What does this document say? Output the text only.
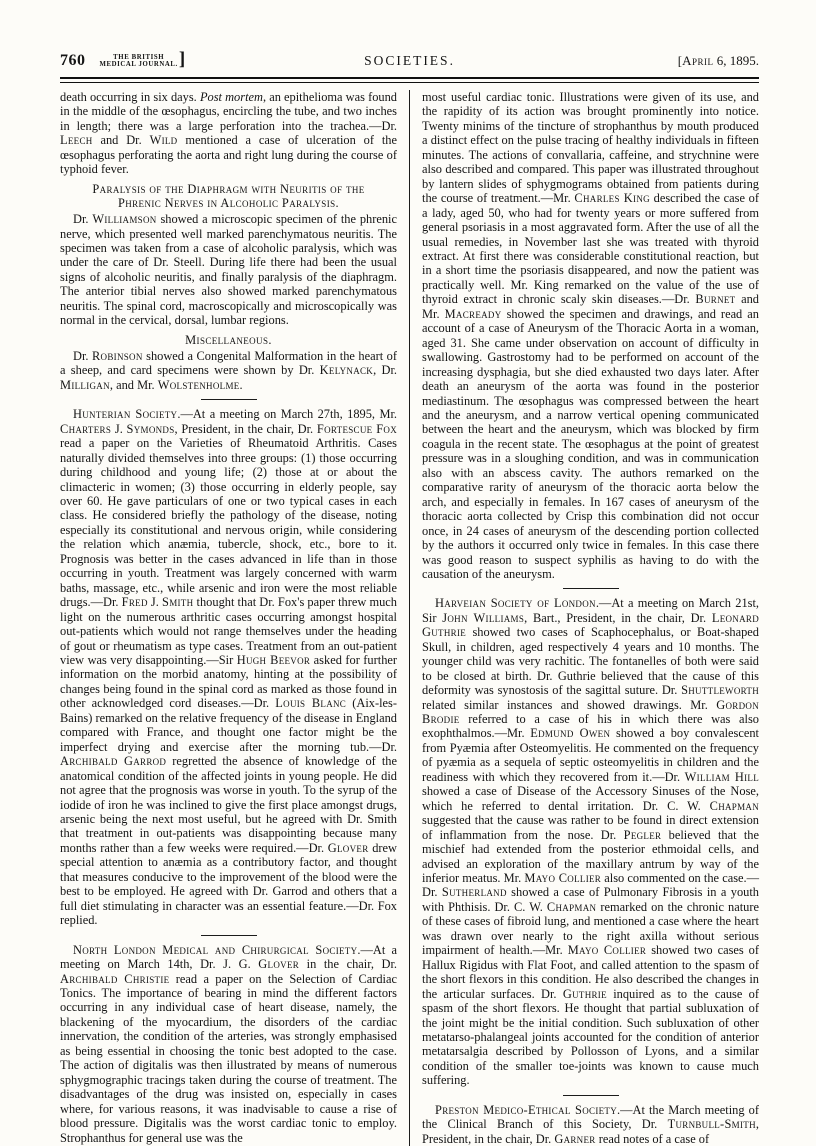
760	THE BRITISH
MEDICAL JOURNAL. ]	SOCIETIES.	[April 6, 1895.

death occurring in six days. Post mortem, an epithelioma was found in the middle of the œsophagus, encircling the tube, and two inches in length; there was a large perforation into the trachea.—Dr. Leech and Dr. Wild mentioned a case of ulceration of the œsophagus perforating the aorta and right lung during the course of typhoid fever.

Paralysis of the Diaphragm with Neuritis of the Phrenic Nerves in Alcoholic Paralysis.

Dr. Williamson showed a microscopic specimen of the phrenic nerve, which presented well marked parenchymatous neuritis. The specimen was taken from a case of alcoholic paralysis, which was under the care of Dr. Steell. During life there had been the usual signs of alcoholic neuritis, and finally paralysis of the diaphragm. The anterior tibial nerves also showed marked parenchymatous neuritis. The spinal cord, macroscopically and microscopically was normal in the cervical, dorsal, lumbar regions.

Miscellaneous.

Dr. Robinson showed a Congenital Malformation in the heart of a sheep, and card specimens were shown by Dr. Kelynack, Dr. Milligan, and Mr. Wolstenholme.

Hunterian Society.—At a meeting on March 27th, 1895, Mr. Charters J. Symonds, President, in the chair, Dr. Fortescue Fox read a paper on the Varieties of Rheumatoid Arthritis. Cases naturally divided themselves into three groups: (1) those occurring during childhood and young life; (2) those at or about the climacteric in women; (3) those occurring in elderly people, say over 60. He gave particulars of one or two typical cases in each class. He considered briefly the pathology of the disease, noting especially its constitutional and nervous origin, while considering the relation which anæmia, tubercle, shock, etc., bore to it. Prognosis was better in the cases advanced in life than in those occurring in youth. Treatment was largely concerned with warm baths, massage, etc., while arsenic and iron were the most reliable drugs.—Dr. Fred J. Smith thought that Dr. Fox's paper threw much light on the numerous arthritic cases occurring amongst hospital out-patients which would not range themselves under the heading of gout or rheumatism as type cases. Treatment from an out-patient view was very disappointing.—Sir Hugh Beevor asked for further information on the morbid anatomy, hinting at the possibility of changes being found in the spinal cord as marked as those found in other acknowledged cord diseases.—Dr. Louis Blanc (Aix-les-Bains) remarked on the relative frequency of the disease in England compared with France, and thought one factor might be the imperfect drying and exercise after the morning tub.—Dr. Archibald Garrod regretted the absence of knowledge of the anatomical condition of the affected joints in young people. He did not agree that the prognosis was worse in youth. To the syrup of the iodide of iron he was inclined to give the first place amongst drugs, arsenic being the next most useful, but he agreed with Dr. Smith that treatment in out-patients was disappointing because many months rather than a few weeks were required.—Dr. Glover drew special attention to anæmia as a contributory factor, and thought that measures conducive to the improvement of the blood were the best to be employed. He agreed with Dr. Garrod and others that a full diet stimulating in character was an essential feature.—Dr. Fox replied.

North London Medical and Chirurgical Society.—At a meeting on March 14th, Dr. J. G. Glover in the chair, Dr. Archibald Christie read a paper on the Selection of Cardiac Tonics. The importance of bearing in mind the different factors occurring in any individual case of heart disease, namely, the blackening of the myocardium, the disorders of the cardiac innervation, the condition of the arteries, was strongly emphasised as being essential in choosing the tonic best adopted to the case. The action of digitalis was then illustrated by means of numerous sphygmographic tracings taken during the course of treatment. The disadvantages of the drug was insisted on, especially in cases where, for various reasons, it was inadvisable to cause a rise of blood pressure. Digitalis was the worst cardiac tonic to employ. Strophanthus for general use was the

most useful cardiac tonic. Illustrations were given of its use, and the rapidity of its action was brought prominently into notice. Twenty minims of the tincture of strophanthus by mouth produced a distinct effect on the pulse tracing of healthy individuals in fifteen minutes. The actions of convallaria, caffeine, and strychnine were also described and compared. This paper was illustrated throughout by lantern slides of sphygmograms obtained from patients during the course of treatment.—Mr. Charles King described the case of a lady, aged 50, who had for twenty years or more suffered from general psoriasis in a most aggravated form. After the use of all the usual remedies, in November last she was treated with thyroid extract. At first there was considerable constitutional reaction, but in a short time the psoriasis disappeared, and now the patient was practically well. Mr. King remarked on the value of the use of thyroid extract in chronic scaly skin diseases.—Dr. Burnet and Mr. Macready showed the specimen and drawings, and read an account of a case of Aneurysm of the Thoracic Aorta in a woman, aged 31. She came under observation on account of difficulty in swallowing. Gastrostomy had to be performed on account of the increasing dysphagia, but she died exhausted two days later. After death an aneurysm of the aorta was found in the posterior mediastinum. The œsophagus was compressed between the heart and the aneurysm, and a narrow vertical opening communicated between the heart and the aneurysm, which was blocked by firm coagula in the recent state. The œsophagus at the point of greatest pressure was in a sloughing condition, and was in communication also with an abscess cavity. The authors remarked on the comparative rarity of aneurysm of the thoracic aorta below the arch, and especially in females. In 167 cases of aneurysm of the thoracic aorta collected by Crisp this combination did not occur once, in 24 cases of aneurysm of the descending portion collected by the authors it occurred only twice in females. In this case there was good reason to suspect syphilis as having to do with the causation of the aneurysm.

Harveian Society of London.—At a meeting on March 21st, Sir John Williams, Bart., President, in the chair, Dr. Leonard Guthrie showed two cases of Scaphocephalus, or Boat-shaped Skull, in children, aged respectively 4 years and 10 months. The younger child was very rachitic. The fontanelles of both were said to be closed at birth. Dr. Guthrie believed that the cause of this deformity was synostosis of the sagittal suture. Dr. Shuttleworth related similar instances and showed drawings. Mr. Gordon Brodie referred to a case of his in which there was also exophthalmos.—Mr. Edmund Owen showed a boy convalescent from Pyæmia after Osteomyelitis. He commented on the frequency of pyæmia as a sequela of septic osteomyelitis in children and the readiness with which they recovered from it.—Dr. William Hill showed a case of Disease of the Accessory Sinuses of the Nose, which he referred to dental irritation. Dr. C. W. Chapman suggested that the cause was rather to be found in direct extension of inflammation from the nose. Dr. Pegler believed that the mischief had extended from the posterior ethmoidal cells, and advised an exploration of the maxillary antrum by way of the inferior meatus. Mr. Mayo Collier also commented on the case.—Dr. Sutherland showed a case of Pulmonary Fibrosis in a youth with Phthisis. Dr. C. W. Chapman remarked on the chronic nature of these cases of fibroid lung, and mentioned a case where the heart was drawn over nearly to the right axilla without serious impairment of health.—Mr. Mayo Collier showed two cases of Hallux Rigidus with Flat Foot, and called attention to the spasm of the short flexors in this condition. He also described the changes in the articular surfaces. Dr. Guthrie inquired as to the cause of spasm of the short flexors. He thought that partial subluxation of the joint might be the initial condition. Such subluxation of other metatarso-phalangeal joints accounted for the condition of anterior metatarsalgia described by Pollosson of Lyons, and a similar condition of the smaller toe-joints was known to cause much suffering.

Preston Medico-Ethical Society.—At the March meeting of the Clinical Branch of this Society, Dr. Turnbull-Smith, President, in the chair, Dr. Garner read notes of a case of
